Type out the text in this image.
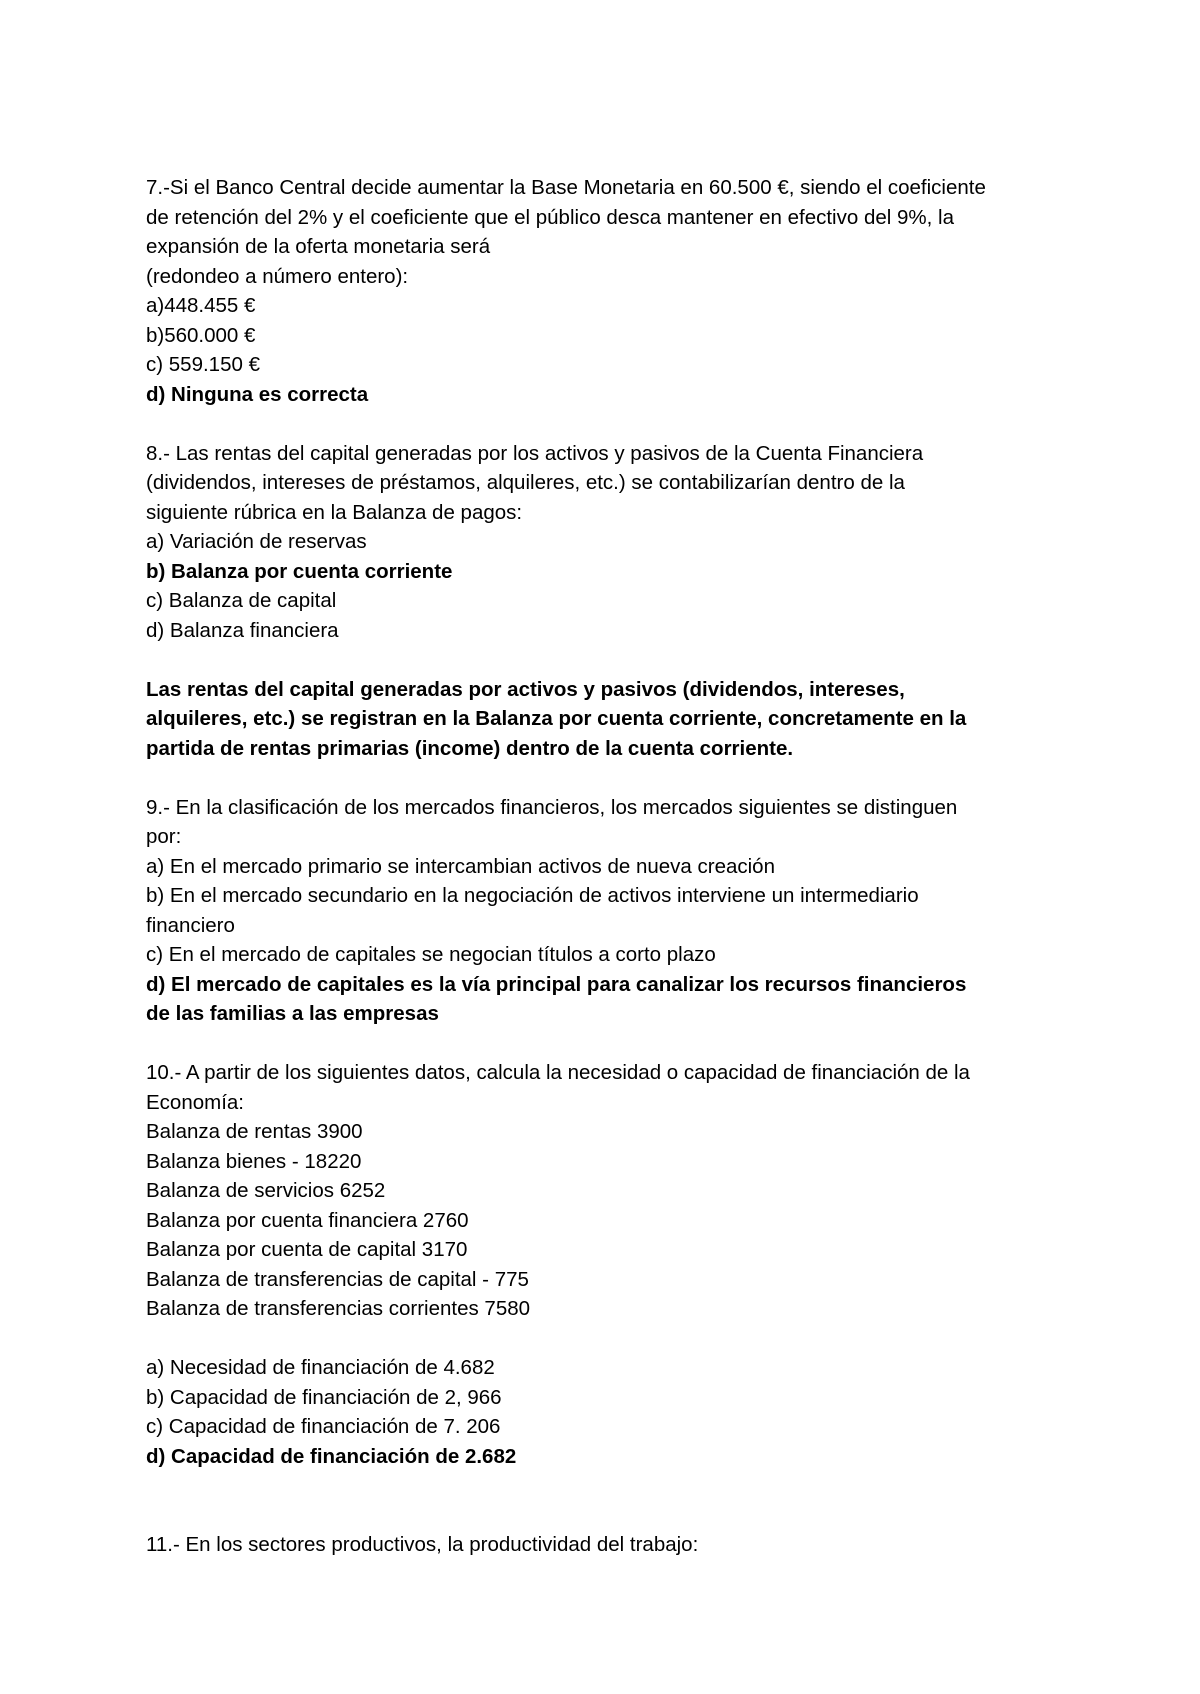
7.-Si el Banco Central decide aumentar la Base Monetaria en 60.500 €, siendo el coeficiente
de retención del 2% y el coeficiente que el público desca mantener en efectivo del 9%, la
expansión de la oferta monetaria será
(redondeo a número entero):
a)448.455 €
b)560.000 €
c) 559.150 €
d) Ninguna es correcta
8.- Las rentas del capital generadas por los activos y pasivos de la Cuenta Financiera
(dividendos, intereses de préstamos, alquileres, etc.) se contabilizarían dentro de la
siguiente rúbrica en la Balanza de pagos:
a) Variación de reservas
b) Balanza por cuenta corriente
c) Balanza de capital
d) Balanza financiera
Las rentas del capital generadas por activos y pasivos (dividendos, intereses,
alquileres, etc.) se registran en la Balanza por cuenta corriente, concretamente en la
partida de rentas primarias (income) dentro de la cuenta corriente.
9.- En la clasificación de los mercados financieros, los mercados siguientes se distinguen
por:
a) En el mercado primario se intercambian activos de nueva creación
b) En el mercado secundario en la negociación de activos interviene un intermediario
financiero
c) En el mercado de capitales se negocian títulos a corto plazo
d) El mercado de capitales es la vía principal para canalizar los recursos financieros
de las familias a las empresas
10.- A partir de los siguientes datos, calcula la necesidad o capacidad de financiación de la
Economía:
Balanza de rentas 3900
Balanza bienes - 18220
Balanza de servicios 6252
Balanza por cuenta financiera 2760
Balanza por cuenta de capital 3170
Balanza de transferencias de capital - 775
Balanza de transferencias corrientes 7580
a) Necesidad de financiación de 4.682
b) Capacidad de financiación de 2, 966
c) Capacidad de financiación de 7. 206
d) Capacidad de financiación de 2.682
11.- En los sectores productivos, la productividad del trabajo:
